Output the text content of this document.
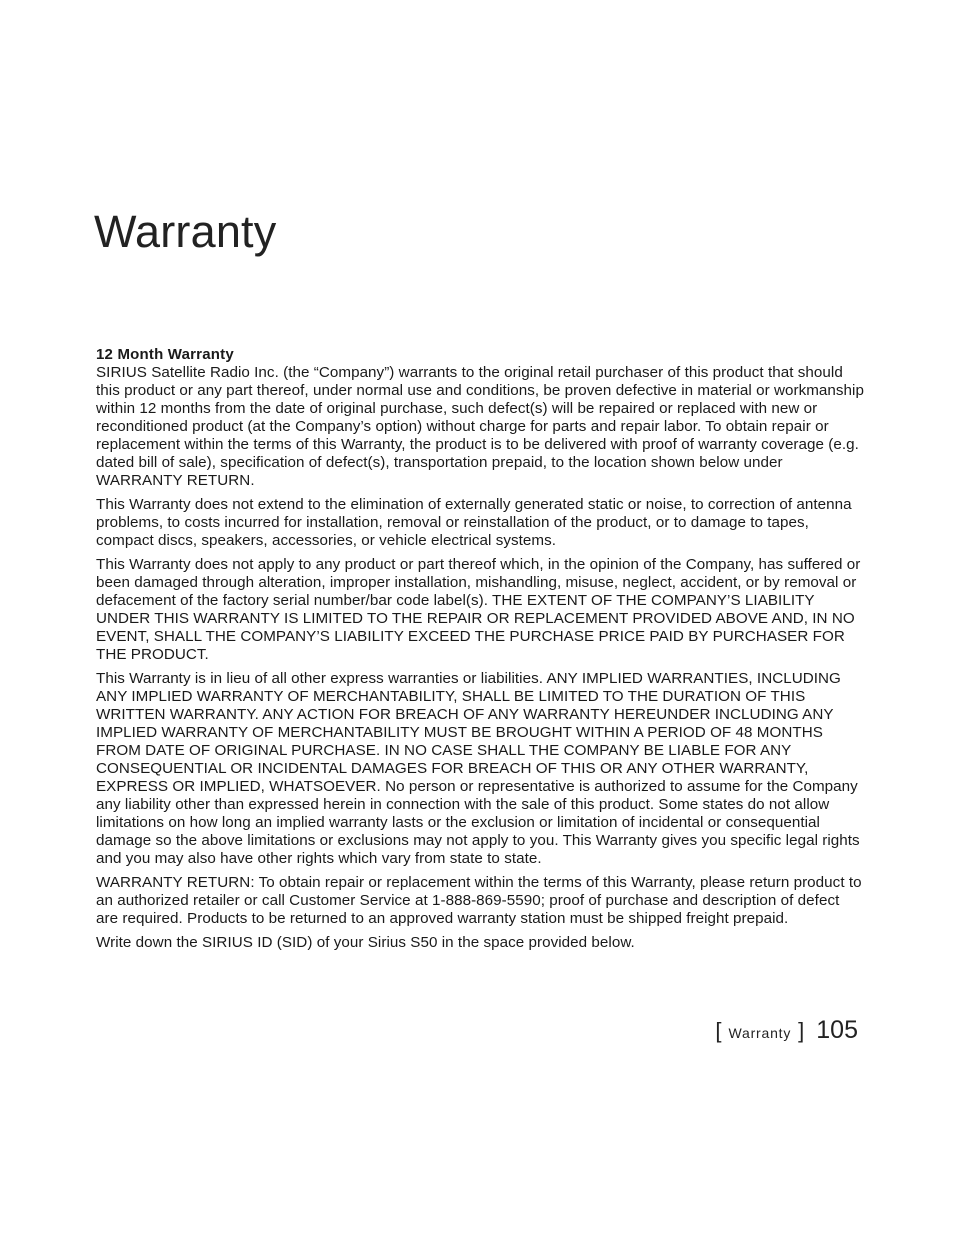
Warranty
12 Month Warranty

SIRIUS Satellite Radio Inc. (the “Company”) warrants to the original retail purchaser of this product that should this product or any part thereof, under normal use and conditions, be proven defective in material or workmanship within 12 months from the date of original purchase, such defect(s) will be repaired or replaced with new or reconditioned product (at the Company’s option) without charge for parts and repair labor. To obtain repair or replacement within the terms of this Warranty, the product is to be delivered with proof of warranty coverage (e.g. dated bill of sale), specification of defect(s), transportation prepaid, to the location shown below under WARRANTY RETURN.

This Warranty does not extend to the elimination of externally generated static or noise, to correction of antenna problems, to costs incurred for installation, removal or reinstallation of the product, or to damage to tapes, compact discs, speakers, accessories, or vehicle electrical systems.

This Warranty does not apply to any product or part thereof which, in the opinion of the Company, has suffered or been damaged through alteration, improper installation, mishandling, misuse, neglect, accident, or by removal or defacement of the factory serial number/bar code label(s). THE EXTENT OF THE COMPANY’S LIABILITY UNDER THIS WARRANTY IS LIMITED TO THE REPAIR OR REPLACEMENT PROVIDED ABOVE AND, IN NO EVENT, SHALL THE COMPANY’S LIABILITY EXCEED THE PURCHASE PRICE PAID BY PURCHASER FOR THE PRODUCT.

This Warranty is in lieu of all other express warranties or liabilities. ANY IMPLIED WARRANTIES, INCLUDING ANY IMPLIED WARRANTY OF MERCHANTABILITY, SHALL BE LIMITED TO THE DURATION OF THIS WRITTEN WARRANTY. ANY ACTION FOR BREACH OF ANY WARRANTY HEREUNDER INCLUDING ANY IMPLIED WARRANTY OF MERCHANTABILITY MUST BE BROUGHT WITHIN A PERIOD OF 48 MONTHS FROM DATE OF ORIGINAL PURCHASE. IN NO CASE SHALL THE COMPANY BE LIABLE FOR ANY CONSEQUENTIAL OR INCIDENTAL DAMAGES FOR BREACH OF THIS OR ANY OTHER WARRANTY, EXPRESS OR IMPLIED, WHATSOEVER. No person or representative is authorized to assume for the Company any liability other than expressed herein in connection with the sale of this product. Some states do not allow limitations on how long an implied warranty lasts or the exclusion or limitation of incidental or consequential damage so the above limitations or exclusions may not apply to you. This Warranty gives you specific legal rights and you may also have other rights which vary from state to state.

WARRANTY RETURN: To obtain repair or replacement within the terms of this Warranty, please return product to an authorized retailer or call Customer Service at 1-888-869-5590; proof of purchase and description of defect are required. Products to be returned to an approved warranty station must be shipped freight prepaid.

Write down the SIRIUS ID (SID) of your Sirius S50 in the space provided below.

[ Warranty ] 105
